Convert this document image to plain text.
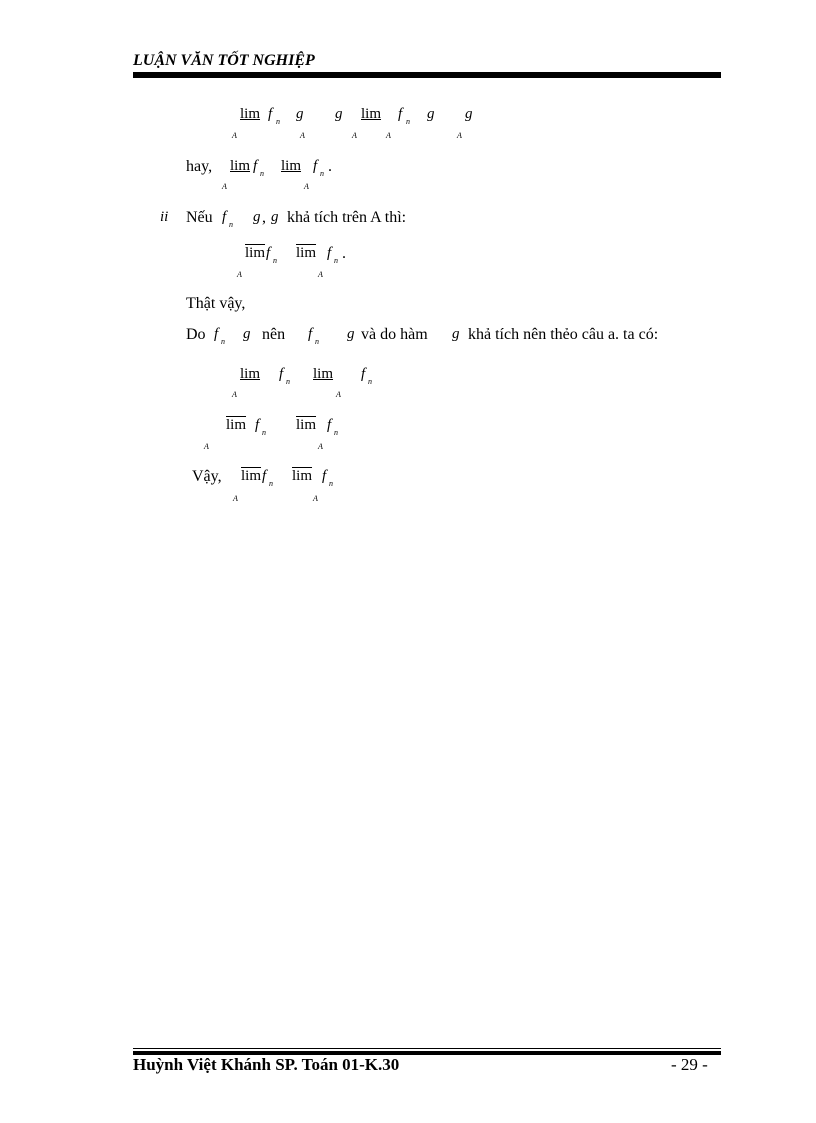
LUẬN VĂN TỐT NGHIỆP
lim f n g g lim f n g g
A	A	A	A	A
hay, lim f n lim f n .
A	A
ii Nếu f n g , g khả tích trên A thì:
$\overline{lim}$ f n $\overline{lim}$ f n .
A	A
Thật vậy,
Do f n g nên f n g và do hàm g khả tích nên thẻo câu a. ta có:
lim f n lim f n
A	A
$\overline{lim}$ f n $\overline{lim}$ f n
A	A
Vậy, $\overline{lim}$ f n $\overline{lim}$ f n
A	A
Huỳnh Việt Khánh SP. Toán 01-K.30	- 29 -
